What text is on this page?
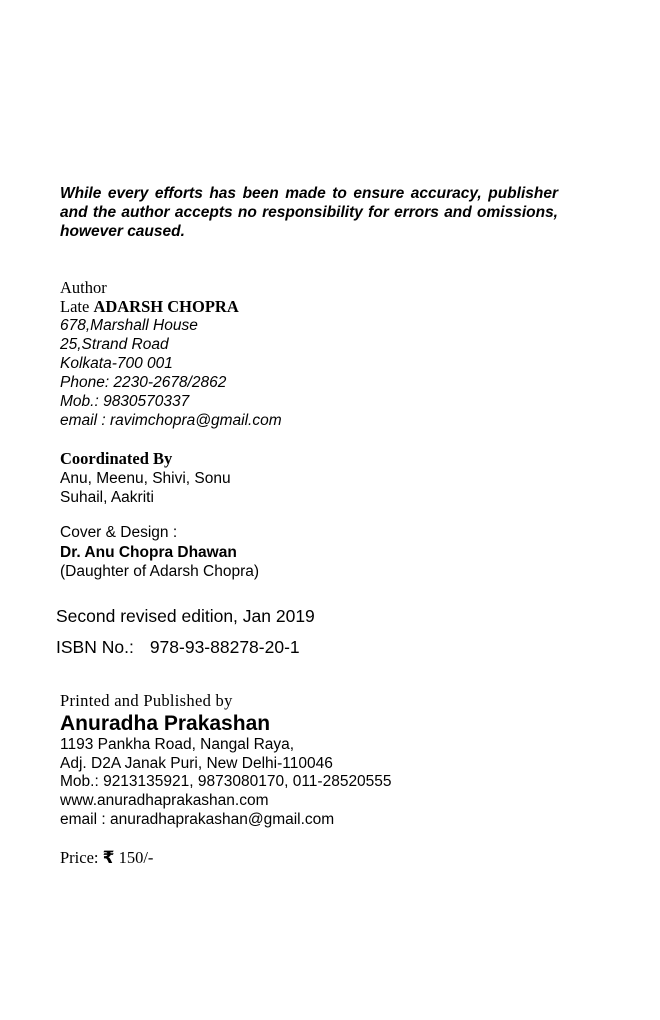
While every efforts has been made to ensure accuracy, publisher and the author accepts no responsibility for errors and omissions, however caused.
Author
Late ADARSH CHOPRA
678,Marshall House
25,Strand Road
Kolkata-700 001
Phone: 2230-2678/2862
Mob.: 9830570337
email : ravimchopra@gmail.com
Coordinated By
Anu, Meenu, Shivi, Sonu
Suhail, Aakriti
Cover & Design :
Dr. Anu Chopra Dhawan
(Daughter of Adarsh Chopra)
Second revised edition, Jan 2019
ISBN No.: 978-93-88278-20-1
Printed and Published by
Anuradha Prakashan
1193 Pankha Road, Nangal Raya,
Adj. D2A Janak Puri, New Delhi-110046
Mob.: 9213135921, 9873080170, 011-28520555
www.anuradhaprakashan.com
email : anuradhaprakashan@gmail.com
Price: ₹ 150/-
